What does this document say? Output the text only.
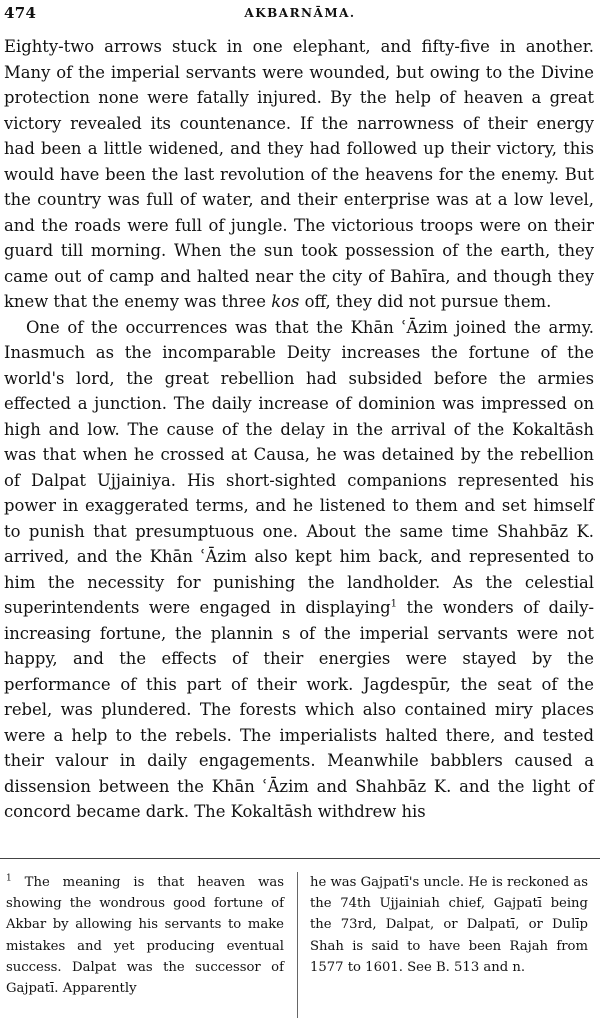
474	AKBARNĀMA.

Eighty-two arrows stuck in one elephant, and fifty-five in another. Many of the imperial servants were wounded, but owing to the Divine protection none were fatally injured. By the help of heaven a great victory revealed its countenance. If the narrowness of their energy had been a little widened, and they had followed up their victory, this would have been the last revolution of the heavens for the enemy. But the country was full of water, and their enterprise was at a low level, and the roads were full of jungle. The victorious troops were on their guard till morning. When the sun took possession of the earth, they came out of camp and halted near the city of Bahīra, and though they knew that the enemy was three kos off, they did not pursue them.

One of the occurrences was that the Khān ʿĀzim joined the army. Inasmuch as the incomparable Deity increases the fortune of the world's lord, the great rebellion had subsided before the armies effected a junction. The daily increase of dominion was impressed on high and low. The cause of the delay in the arrival of the Kokaltāsh was that when he crossed at Causa, he was detained by the rebellion of Dalpat Ujjainiya. His short-sighted companions represented his power in exaggerated terms, and he listened to them and set himself to punish that presumptuous one. About the same time Shahbāz K. arrived, and the Khān ʿĀzim also kept him back, and represented to him the necessity for punishing the landholder. As the celestial superintendents were engaged in displaying$^1$ the wonders of daily-increasing fortune, the plannin s of the imperial servants were not happy, and the effects of their energies were stayed by the performance of this part of their work. Jagdespūr, the seat of the rebel, was plundered. The forests which also contained miry places were a help to the rebels. The imperialists halted there, and tested their valour in daily engagements. Meanwhile babblers caused a dissension between the Khān ʿĀzim and Shahbāz K. and the light of concord became dark. The Kokaltāsh withdrew his

$^1$ The meaning is that heaven was showing the wondrous good fortune of Akbar by allowing his servants to make mistakes and yet producing eventual success. Dalpat was the successor of Gajpatī. Apparently

he was Gajpatī's uncle. He is reckoned as the 74th Ujjainiah chief, Gajpatī being the 73rd, Dalpat, or Dalpatī, or Dulīp Shah is said to have been Rajah from 1577 to 1601. See B. 513 and n.
